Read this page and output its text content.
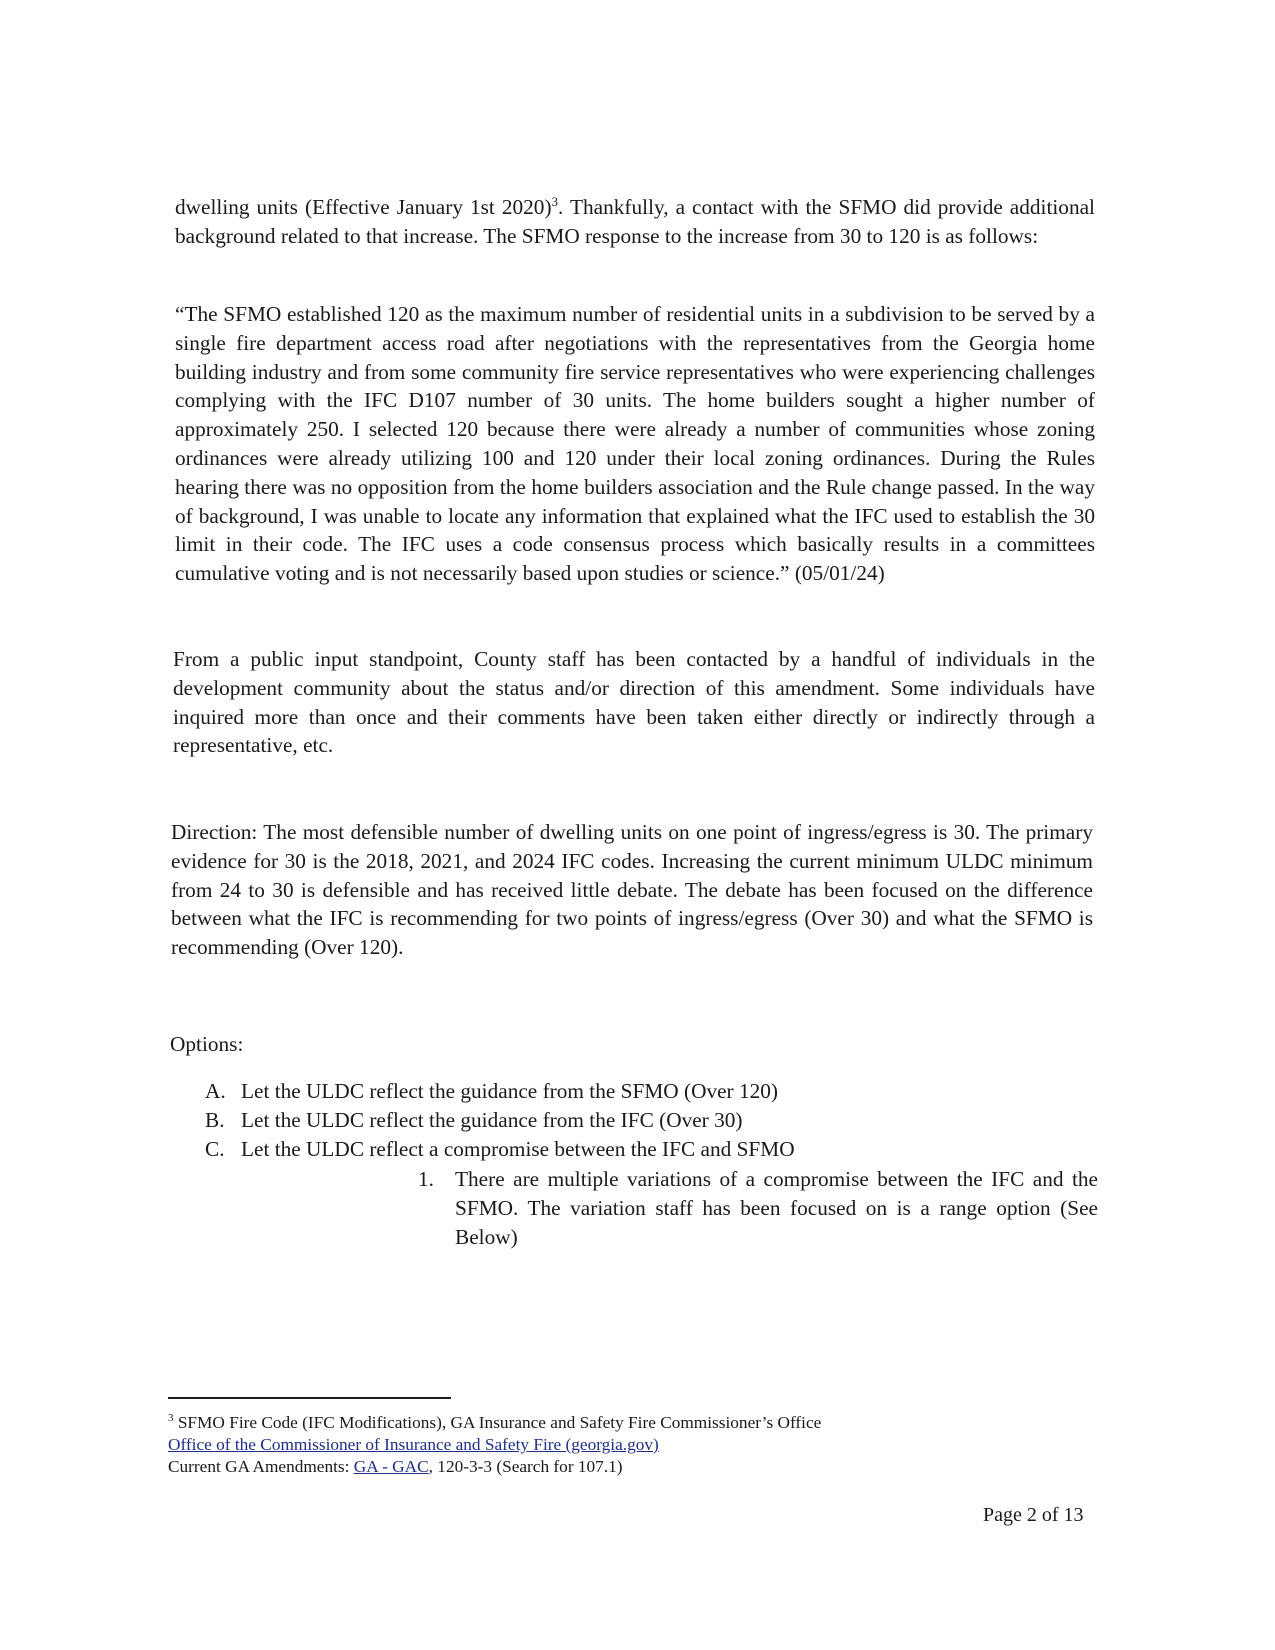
dwelling units (Effective January 1st 2020)$^3$. Thankfully, a contact with the SFMO did provide additional background related to that increase. The SFMO response to the increase from 30 to 120 is as follows:

“The SFMO established 120 as the maximum number of residential units in a subdivision to be served by a single fire department access road after negotiations with the representatives from the Georgia home building industry and from some community fire service representatives who were experiencing challenges complying with the IFC D107 number of 30 units. The home builders sought a higher number of approximately 250. I selected 120 because there were already a number of communities whose zoning ordinances were already utilizing 100 and 120 under their local zoning ordinances. During the Rules hearing there was no opposition from the home builders association and the Rule change passed. In the way of background, I was unable to locate any information that explained what the IFC used to establish the 30 limit in their code. The IFC uses a code consensus process which basically results in a committees cumulative voting and is not necessarily based upon studies or science.” (05/01/24)

From a public input standpoint, County staff has been contacted by a handful of individuals in the development community about the status and/or direction of this amendment. Some individuals have inquired more than once and their comments have been taken either directly or indirectly through a representative, etc.

Direction: The most defensible number of dwelling units on one point of ingress/egress is 30. The primary evidence for 30 is the 2018, 2021, and 2024 IFC codes. Increasing the current minimum ULDC minimum from 24 to 30 is defensible and has received little debate. The debate has been focused on the difference between what the IFC is recommending for two points of ingress/egress (Over 30) and what the SFMO is recommending (Over 120).

Options:

A. Let the ULDC reflect the guidance from the SFMO (Over 120)

B. Let the ULDC reflect the guidance from the IFC (Over 30)

C. Let the ULDC reflect a compromise between the IFC and SFMO

1. There are multiple variations of a compromise between the IFC and the SFMO. The variation staff has been focused on is a range option (See Below)

$^3$ SFMO Fire Code (IFC Modifications), GA Insurance and Safety Fire Commissioner’s Office

Office of the Commissioner of Insurance and Safety Fire (georgia.gov)

Current GA Amendments: GA - GAC, 120-3-3 (Search for 107.1)

Page 2 of 13
